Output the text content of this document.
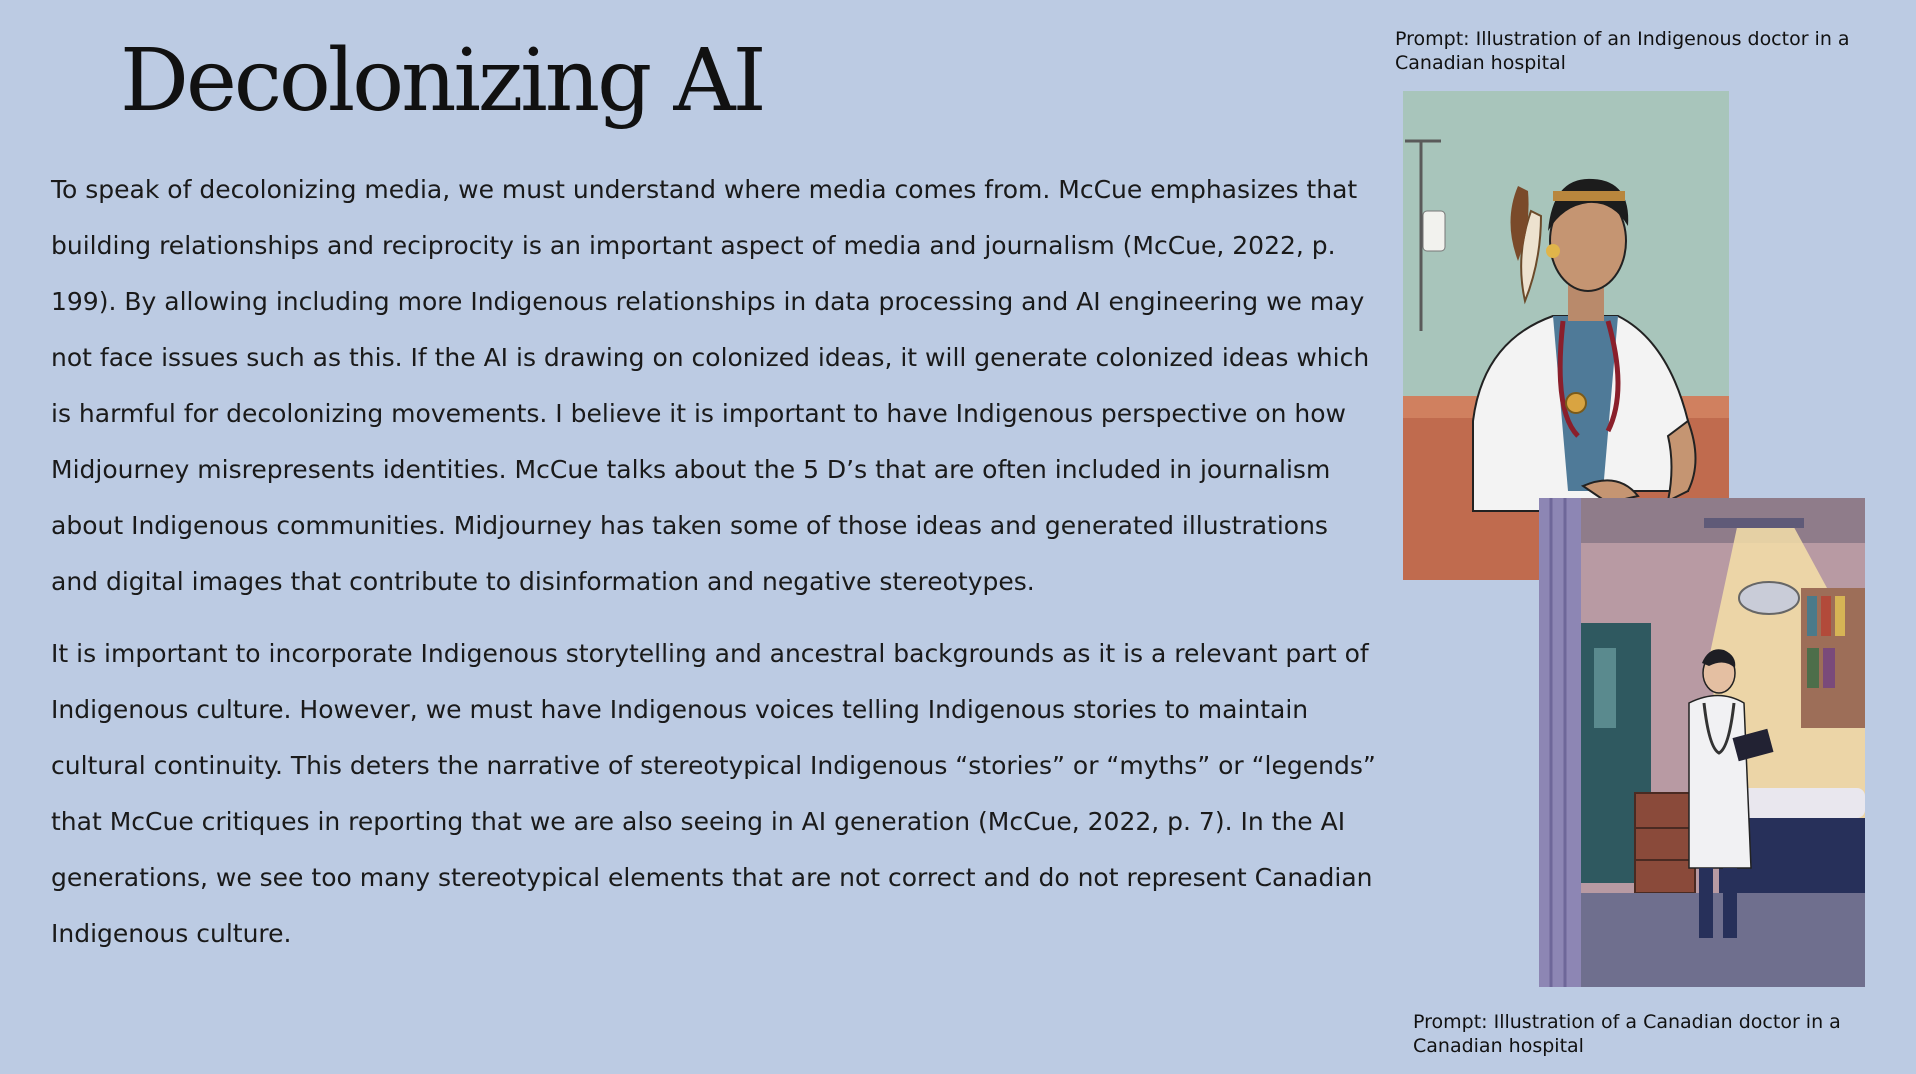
Decolonizing AI

To speak of decolonizing media, we must understand where media comes from. McCue emphasizes that building relationships and reciprocity is an important aspect of media and journalism (McCue, 2022, p. 199). By allowing including more Indigenous relationships in data processing and AI engineering we may not face issues such as this. If the AI is drawing on colonized ideas, it will generate colonized ideas which is harmful for decolonizing movements. I believe it is important to have Indigenous perspective on how Midjourney misrepresents identities. McCue talks about the 5 D’s that are often included in journalism about Indigenous communities. Midjourney has taken some of those ideas and generated illustrations and digital images that contribute to disinformation and negative stereotypes.

It is important to incorporate Indigenous storytelling and ancestral backgrounds as it is a relevant part of Indigenous culture. However, we must have Indigenous voices telling Indigenous stories to maintain cultural continuity. This deters the narrative of stereotypical Indigenous “stories” or “myths” or “legends” that McCue critiques in reporting that we are also seeing in AI generation (McCue, 2022, p. 7). In the AI generations, we see too many stereotypical elements that are not correct and do not represent Canadian Indigenous culture.

Prompt: Illustration of an Indigenous doctor in a Canadian hospital

Prompt: Illustration of a Canadian doctor in a Canadian hospital
